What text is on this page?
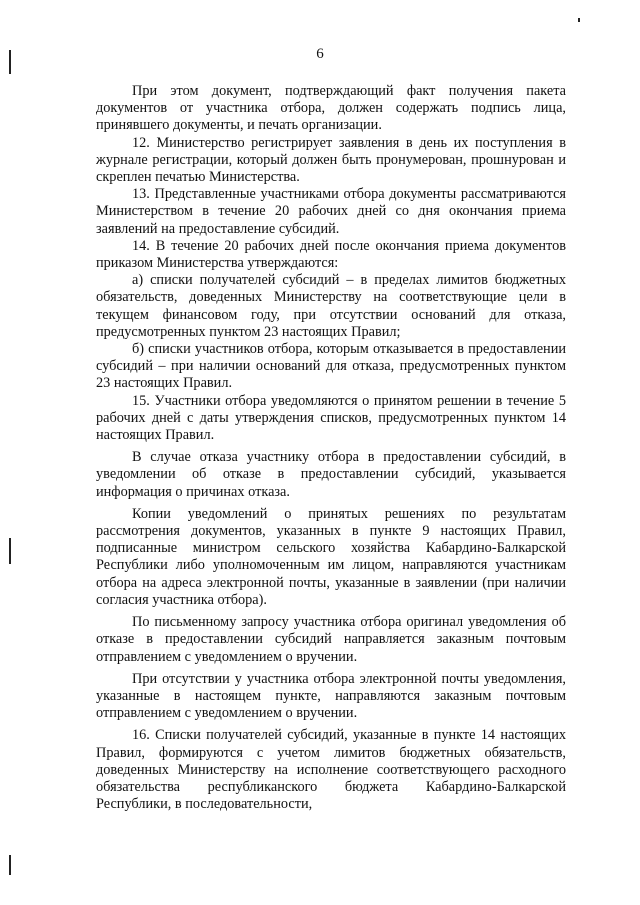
6

При этом документ, подтверждающий факт получения пакета документов от участника отбора, должен содержать подпись лица, принявшего документы, и печать организации.

12. Министерство регистрирует заявления в день их поступления в журнале регистрации, который должен быть пронумерован, прошнурован и скреплен печатью Министерства.

13. Представленные участниками отбора документы рассматриваются Министерством в течение 20 рабочих дней со дня окончания приема заявлений на предоставление субсидий.

14. В течение 20 рабочих дней после окончания приема документов приказом Министерства утверждаются:

а) списки получателей субсидий – в пределах лимитов бюджетных обязательств, доведенных Министерству на соответствующие цели в текущем финансовом году, при отсутствии оснований для отказа, предусмотренных пунктом 23 настоящих Правил;

б) списки участников отбора, которым отказывается в предоставлении субсидий – при наличии оснований для отказа, предусмотренных пунктом 23 настоящих Правил.

15. Участники отбора уведомляются о принятом решении в течение 5 рабочих дней с даты утверждения списков, предусмотренных пунктом 14 настоящих Правил.

В случае отказа участнику отбора в предоставлении субсидий, в уведомлении об отказе в предоставлении субсидий, указывается информация о причинах отказа.

Копии уведомлений о принятых решениях по результатам рассмотрения документов, указанных в пункте 9 настоящих Правил, подписанные министром сельского хозяйства Кабардино-Балкарской Республики либо уполномоченным им лицом, направляются участникам отбора на адреса электронной почты, указанные в заявлении (при наличии согласия участника отбора).

По письменному запросу участника отбора оригинал уведомления об отказе в предоставлении субсидий направляется заказным почтовым отправлением с уведомлением о вручении.

При отсутствии у участника отбора электронной почты уведомления, указанные в настоящем пункте, направляются заказным почтовым отправлением с уведомлением о вручении.

16. Списки получателей субсидий, указанные в пункте 14 настоящих Правил, формируются с учетом лимитов бюджетных обязательств, доведенных Министерству на исполнение соответствующего расходного обязательства республиканского бюджета Кабардино-Балкарской Республики, в последовательности,
